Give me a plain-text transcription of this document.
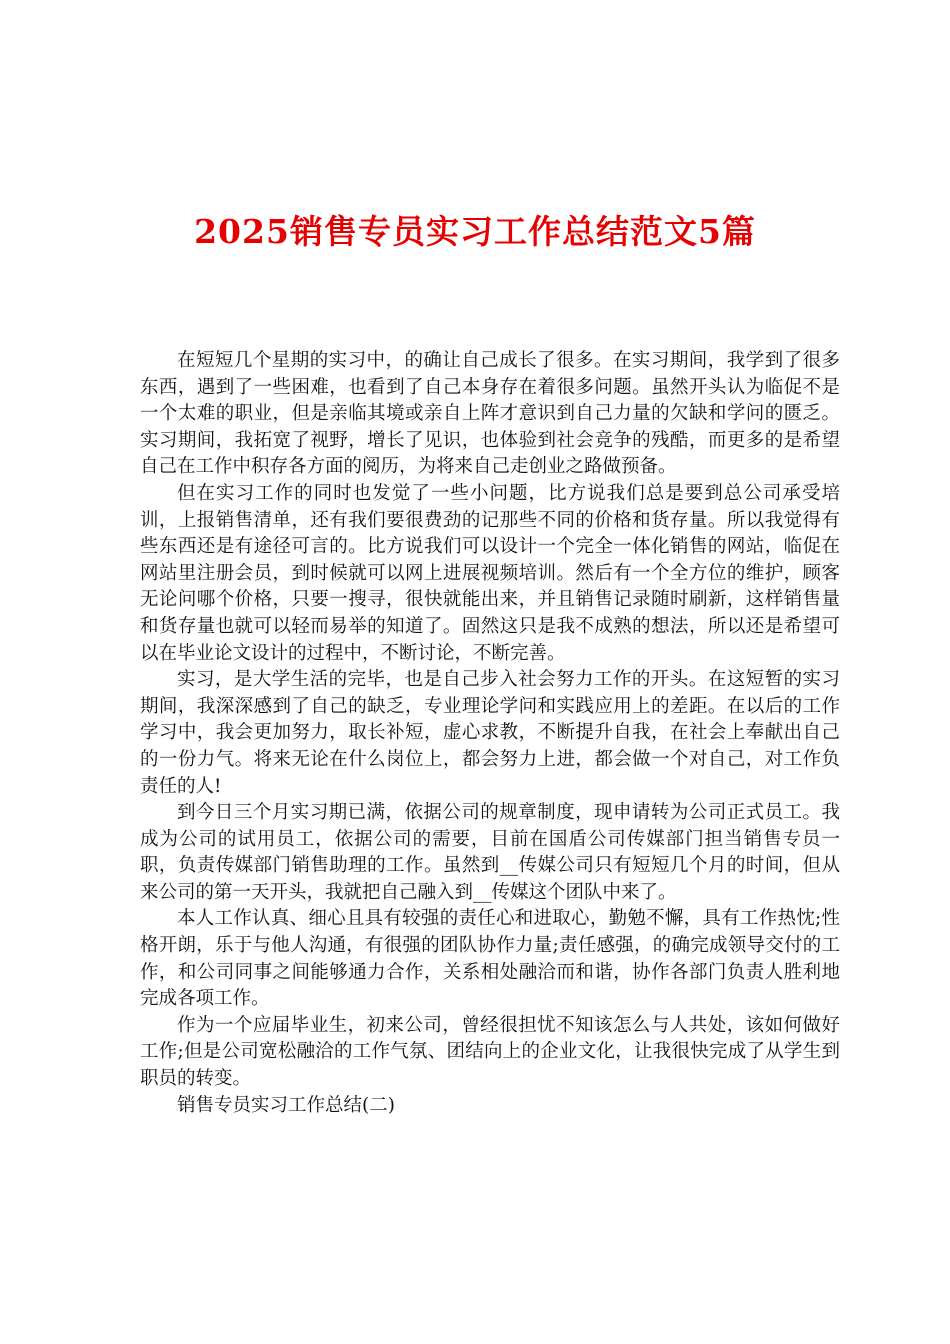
2025销售专员实习工作总结范文5篇

在短短几个星期的实习中，的确让自己成长了很多。在实习期间，我学到了很多东西，遇到了一些困难，也看到了自己本身存在着很多问题。虽然开头认为临促不是一个太难的职业，但是亲临其境或亲自上阵才意识到自己力量的欠缺和学问的匮乏。实习期间，我拓宽了视野，增长了见识，也体验到社会竞争的残酷，而更多的是希望自己在工作中积存各方面的阅历，为将来自己走创业之路做预备。

但在实习工作的同时也发觉了一些小问题，比方说我们总是要到总公司承受培训，上报销售清单，还有我们要很费劲的记那些不同的价格和货存量。所以我觉得有些东西还是有途径可言的。比方说我们可以设计一个完全一体化销售的网站，临促在网站里注册会员，到时候就可以网上进展视频培训。然后有一个全方位的维护，顾客无论问哪个价格，只要一搜寻，很快就能出来，并且销售记录随时刷新，这样销售量和货存量也就可以轻而易举的知道了。固然这只是我不成熟的想法，所以还是希望可以在毕业论文设计的过程中，不断讨论，不断完善。

实习，是大学生活的完毕，也是自己步入社会努力工作的开头。在这短暂的实习期间，我深深感到了自己的缺乏，专业理论学问和实践应用上的差距。在以后的工作学习中，我会更加努力，取长补短，虚心求教，不断提升自我，在社会上奉献出自己的一份力气。将来无论在什么岗位上，都会努力上进，都会做一个对自己，对工作负责任的人!

到今日三个月实习期已满，依据公司的规章制度，现申请转为公司正式员工。我成为公司的试用员工，依据公司的需要，目前在国盾公司传媒部门担当销售专员一职，负责传媒部门销售助理的工作。虽然到__传媒公司只有短短几个月的时间，但从来公司的第一天开头，我就把自己融入到__传媒这个团队中来了。

本人工作认真、细心且具有较强的责任心和进取心，勤勉不懈，具有工作热忱;性格开朗，乐于与他人沟通，有很强的团队协作力量;责任感强，的确完成领导交付的工作，和公司同事之间能够通力合作，关系相处融洽而和谐，协作各部门负责人胜利地完成各项工作。

作为一个应届毕业生，初来公司，曾经很担忧不知该怎么与人共处，该如何做好工作;但是公司宽松融洽的工作气氛、团结向上的企业文化，让我很快完成了从学生到职员的转变。

销售专员实习工作总结(二)
